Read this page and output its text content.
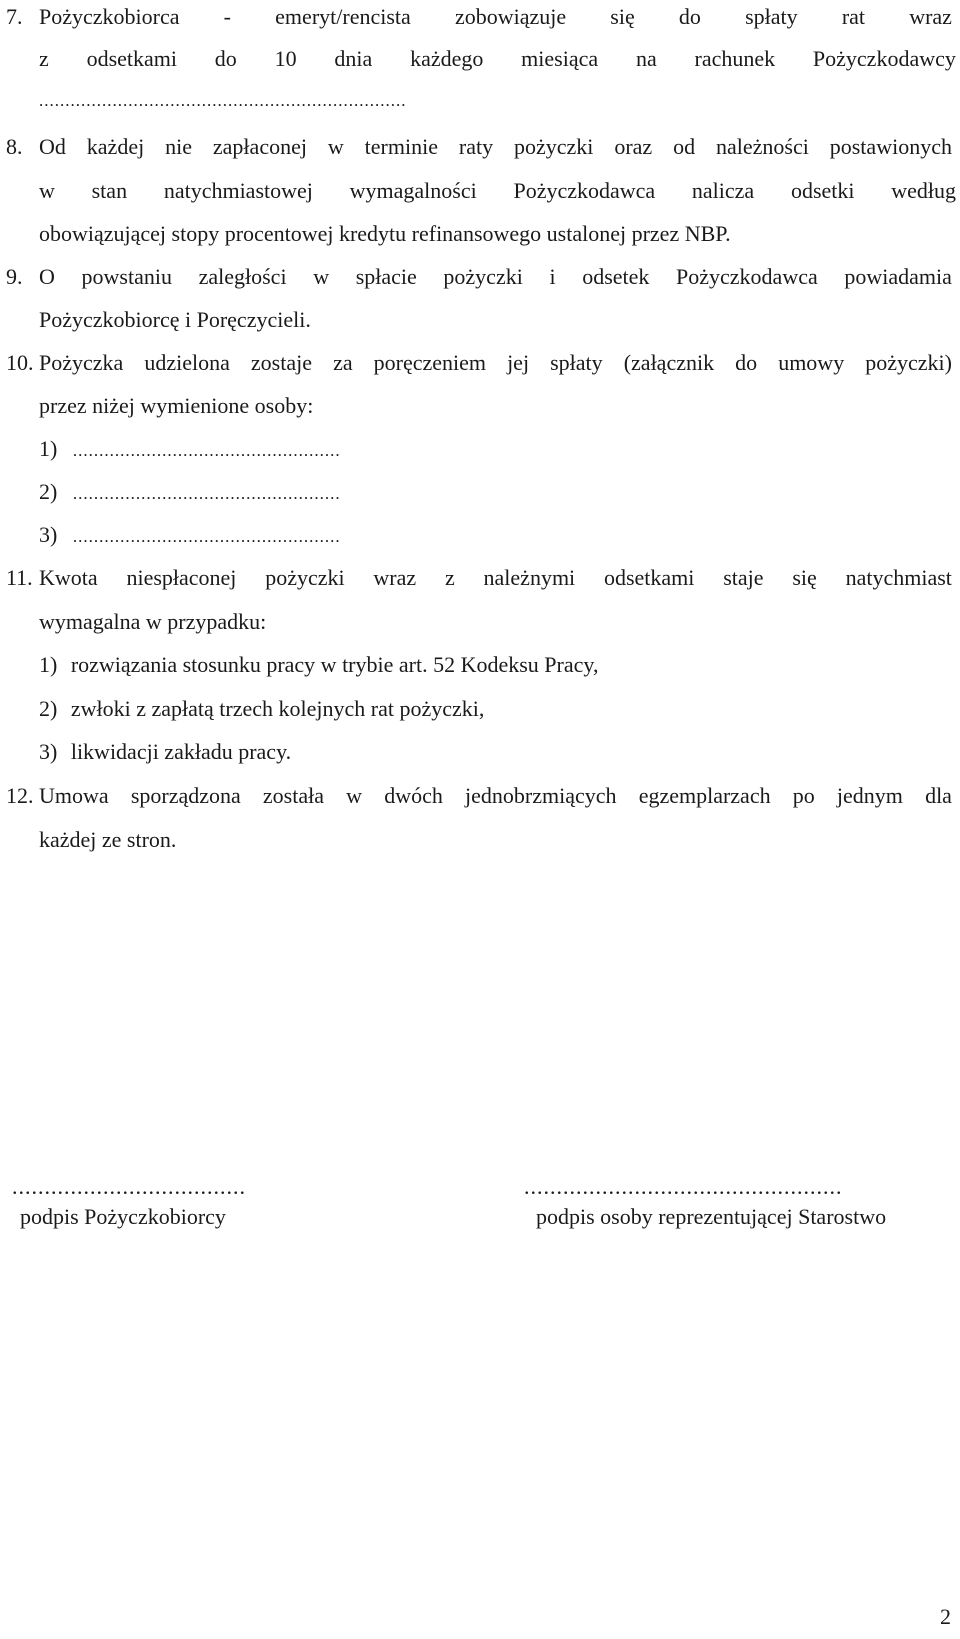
7. Pożyczkobiorca - emeryt/rencista zobowiązuje się do spłaty rat wraz
z odsetkami do 10 dnia każdego miesiąca na rachunek Pożyczkodawcy
......................................................................
8. Od każdej nie zapłaconej w terminie raty pożyczki oraz od należności postawionych
w stan natychmiastowej wymagalności Pożyczkodawca nalicza odsetki według
obowiązującej stopy procentowej kredytu refinansowego ustalonej przez NBP.
9. O powstaniu zaległości w spłacie pożyczki i odsetek Pożyczkodawca powiadamia
Pożyczkobiorcę i Poręczycieli.
10. Pożyczka udzielona zostaje za poręczeniem jej spłaty (załącznik do umowy pożyczki)
przez niżej wymienione osoby:
1) ...................................................
2) ...................................................
3) ...................................................
11. Kwota niespłaconej pożyczki wraz z należnymi odsetkami staje się natychmiast
wymagalna w przypadku:
1) rozwiązania stosunku pracy w trybie art. 52 Kodeksu Pracy,
2) zwłoki z zapłatą trzech kolejnych rat pożyczki,
3) likwidacji zakładu pracy.
12. Umowa sporządzona została w dwóch jednobrzmiących egzemplarzach po jednym dla
każdej ze stron.
....................................
podpis Pożyczkobiorcy
.................................................
podpis osoby reprezentującej Starostwo
2
